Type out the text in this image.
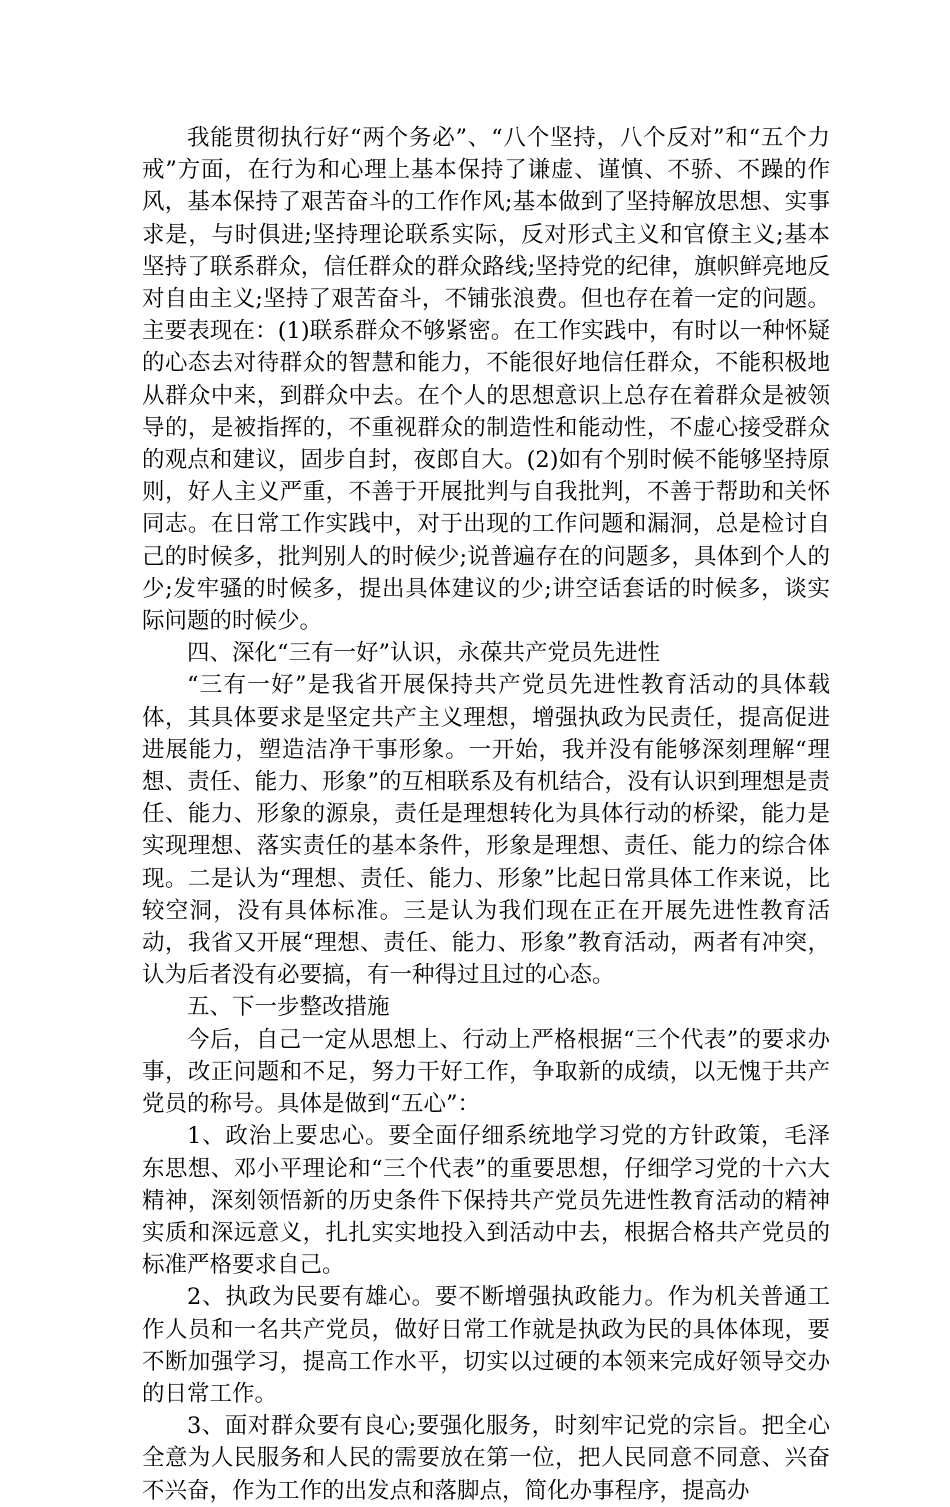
我能贯彻执行好“两个务必”、“八个坚持，八个反对”和“五个力戒”方面，在行为和心理上基本保持了谦虚、谨慎、不骄、不躁的作风，基本保持了艰苦奋斗的工作作风;基本做到了坚持解放思想、实事求是，与时俱进;坚持理论联系实际，反对形式主义和官僚主义;基本坚持了联系群众，信任群众的群众路线;坚持党的纪律，旗帜鲜亮地反对自由主义;坚持了艰苦奋斗，不铺张浪费。但也存在着一定的问题。主要表现在：(1)联系群众不够紧密。在工作实践中，有时以一种怀疑的心态去对待群众的智慧和能力，不能很好地信任群众，不能积极地从群众中来，到群众中去。在个人的思想意识上总存在着群众是被领导的，是被指挥的，不重视群众的制造性和能动性，不虚心接受群众的观点和建议，固步自封，夜郎自大。(2)如有个别时候不能够坚持原则，好人主义严重，不善于开展批判与自我批判，不善于帮助和关怀同志。在日常工作实践中，对于出现的工作问题和漏洞，总是检讨自己的时候多，批判别人的时候少;说普遍存在的问题多，具体到个人的少;发牢骚的时候多，提出具体建议的少;讲空话套话的时候多，谈实际问题的时候少。

四、深化“三有一好”认识，永葆共产党员先进性

“三有一好”是我省开展保持共产党员先进性教育活动的具体载体，其具体要求是坚定共产主义理想，增强执政为民责任，提高促进进展能力，塑造洁净干事形象。一开始，我并没有能够深刻理解“理想、责任、能力、形象”的互相联系及有机结合，没有认识到理想是责任、能力、形象的源泉，责任是理想转化为具体行动的桥梁，能力是实现理想、落实责任的基本条件，形象是理想、责任、能力的综合体现。二是认为“理想、责任、能力、形象”比起日常具体工作来说，比较空洞，没有具体标准。三是认为我们现在正在开展先进性教育活动，我省又开展“理想、责任、能力、形象”教育活动，两者有冲突，认为后者没有必要搞，有一种得过且过的心态。

五、下一步整改措施

今后，自己一定从思想上、行动上严格根据“三个代表”的要求办事，改正问题和不足，努力干好工作，争取新的成绩，以无愧于共产党员的称号。具体是做到“五心”：

1、政治上要忠心。要全面仔细系统地学习党的方针政策，毛泽东思想、邓小平理论和“三个代表”的重要思想，仔细学习党的十六大精神，深刻领悟新的历史条件下保持共产党员先进性教育活动的精神实质和深远意义，扎扎实实地投入到活动中去，根据合格共产党员的标准严格要求自己。

2、执政为民要有雄心。要不断增强执政能力。作为机关普通工作人员和一名共产党员，做好日常工作就是执政为民的具体体现，要不断加强学习，提高工作水平，切实以过硬的本领来完成好领导交办的日常工作。

3、面对群众要有良心;要强化服务，时刻牢记党的宗旨。把全心全意为人民服务和人民的需要放在第一位，把人民同意不同意、兴奋不兴奋，作为工作的出发点和落脚点，简化办事程序，提高办
